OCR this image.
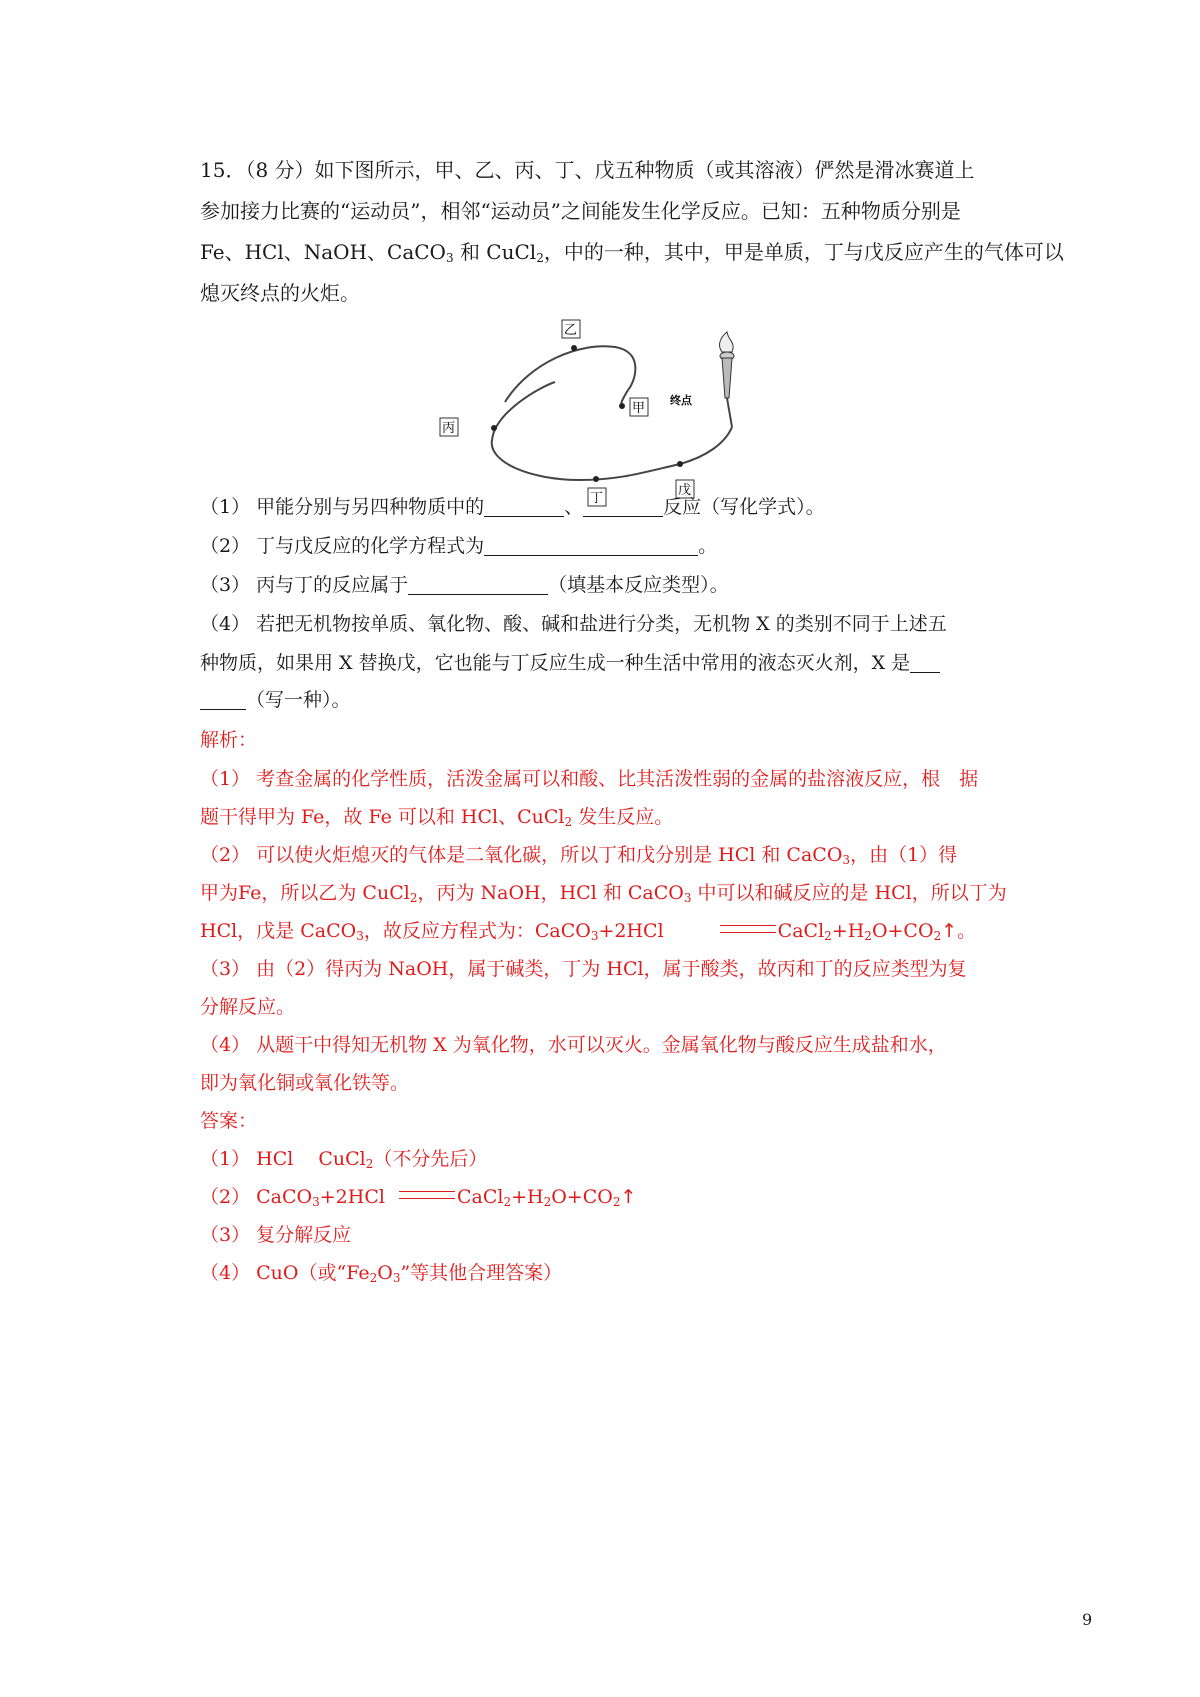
15．（8 分）如下图所示，甲、乙、丙、丁、戊五种物质（或其溶液）俨然是滑冰赛道上
参加接力比赛的“运动员”，相邻“运动员”之间能发生化学反应。已知：五种物质分别是
Fe、HCl、NaOH、CaCO$_3$ 和 CuCl$_2$，中的一种，其中，甲是单质，丁与戊反应产生的气体可以
熄灭终点的火炬。
乙
甲
丙
丁
戊
终点
（1） 甲能分别与另四种物质中的	、	反应（写化学式）。
（2） 丁与戊反应的化学方程式为	。
（3） 丙与丁的反应属于	（填基本反应类型）。
（4） 若把无机物按单质、氧化物、酸、碱和盐进行分类，无机物 X 的类别不同于上述五
种物质，如果用 X 替换戊，它也能与丁反应生成一种生活中常用的液态灭火剂，X 是
（写一种）。
解析：
（1） 考查金属的化学性质，活泼金属可以和酸、比其活泼性弱的金属的盐溶液反应，根　据
题干得甲为 Fe，故 Fe 可以和 HCl、CuCl$_2$ 发生反应。
（2） 可以使火炬熄灭的气体是二氧化碳，所以丁和戊分别是 HCl 和 CaCO$_3$，由（1）得
甲为Fe，所以乙为 CuCl$_2$，丙为 NaOH，HCl 和 CaCO$_3$ 中可以和碱反应的是 HCl，所以丁为
HCl，戊是 CaCO$_3$，故反应方程式为：CaCO$_3$+2HCl	$CaCl_2+H_2O+CO_2↑$。
（3） 由（2）得丙为 NaOH，属于碱类，丁为 HCl，属于酸类，故丙和丁的反应类型为复
分解反应。
（4） 从题干中得知无机物 X 为氧化物，水可以灭火。金属氧化物与酸反应生成盐和水，
即为氧化铜或氧化铁等。
答案：
（1） HCl　 CuCl$_2$（不分先后）
（2） CaCO$_3$+2HCl	$CaCl_2+H_2O+CO_2↑$
（3） 复分解反应
（4） CuO（或“$Fe_2O_3$”等其他合理答案）
9
